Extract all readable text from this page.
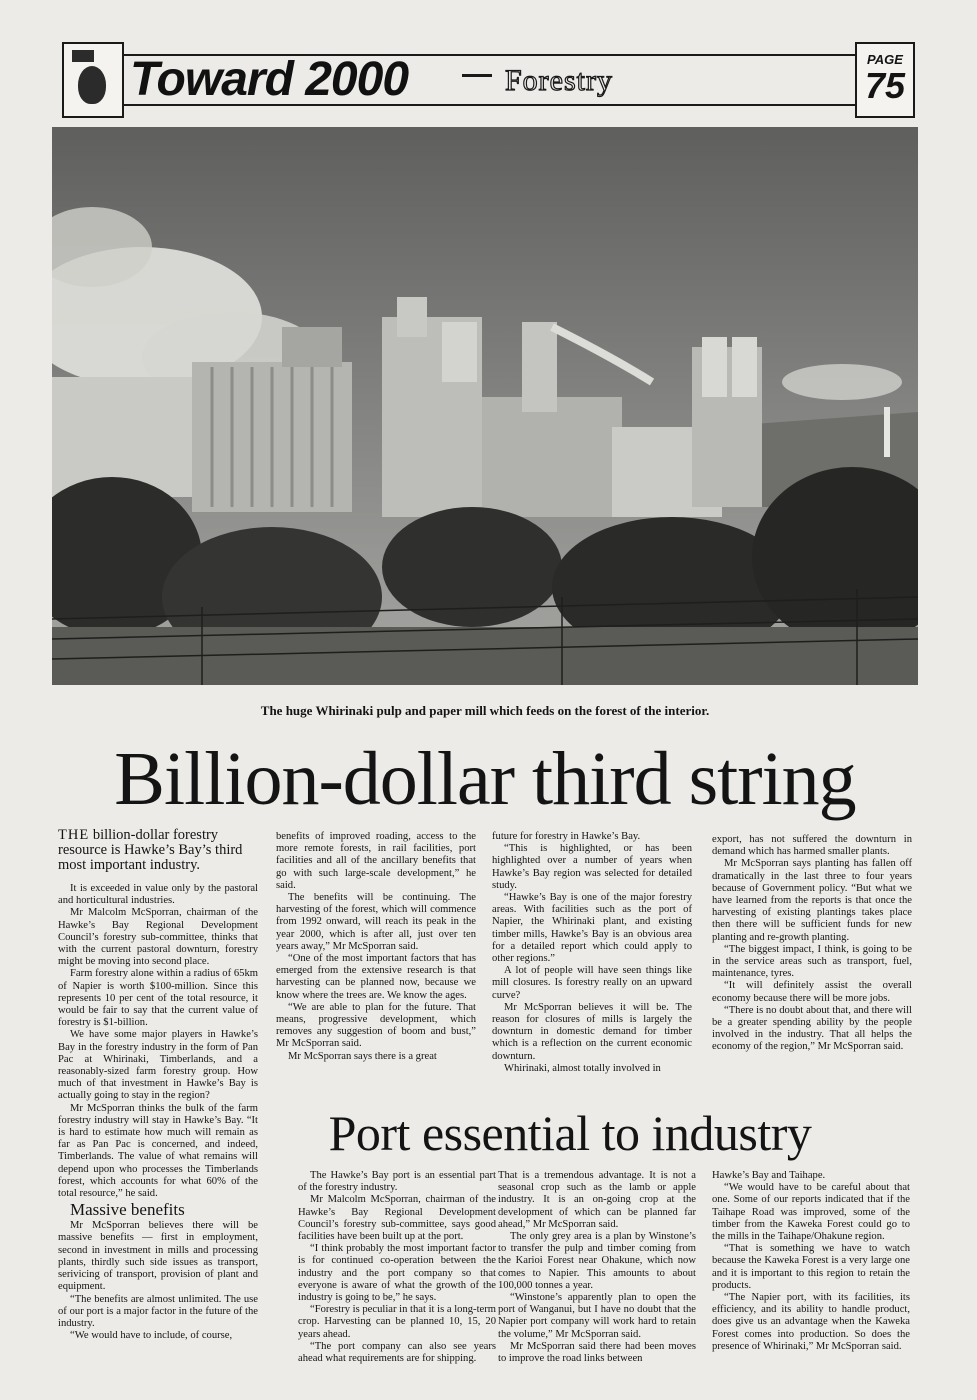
Toward 2000	Forestry
PAGE
75
The huge Whirinaki pulp and paper mill which feeds on the forest of the interior.
Billion-dollar third string

THE billion-dollar forestry resource is Hawke’s Bay’s third most important industry.

It is exceeded in value only by the pastoral and horticultural industries.

Mr Malcolm McSporran, chairman of the Hawke’s Bay Regional Development Council’s forestry sub-committee, thinks that with the current pastoral downturn, forestry might be moving into second place.

Farm forestry alone within a radius of 65km of Napier is worth $100-million. Since this represents 10 per cent of the total resource, it would be fair to say that the current value of forestry is $1-billion.

We have some major players in Hawke’s Bay in the forestry industry in the form of Pan Pac at Whirinaki, Timberlands, and a reasonably-sized farm forestry group. How much of that investment in Hawke’s Bay is actually going to stay in the region?

Mr McSporran thinks the bulk of the farm forestry industry will stay in Hawke’s Bay. “It is hard to estimate how much will remain as far as Pan Pac is concerned, and indeed, Timberlands. The value of what remains will depend upon who processes the Timberlands forest, which accounts for what 60% of the total resource,” he said.

Massive benefits

Mr McSporran believes there will be massive benefits — first in employment, second in investment in mills and processing plants, thirdly such side issues as transport, serivicing of transport, provision of plant and equipment.

“The benefits are almost unlimited. The use of our port is a major factor in the future of the industry.

“We would have to include, of course,

benefits of improved roading, access to the more remote forests, in rail facilities, port facilities and all of the ancillary benefits that go with such large-scale development,” he said.

The benefits will be continuing. The harvesting of the forest, which will commence from 1992 onward, will reach its peak in the year 2000, which is after all, just over ten years away,” Mr McSporran said.

“One of the most important factors that has emerged from the extensive research is that harvesting can be planned now, because we know where the trees are. We know the ages.

“We are able to plan for the future. That means, progressive development, which removes any suggestion of boom and bust,” Mr McSporran said.

Mr McSporran says there is a great

future for forestry in Hawke’s Bay.

“This is highlighted, or has been highlighted over a number of years when Hawke’s Bay region was selected for detailed study.

“Hawke’s Bay is one of the major forestry areas. With facilities such as the port of Napier, the Whirinaki plant, and existing timber mills, Hawke’s Bay is an obvious area for a detailed report which could apply to other regions.”

A lot of people will have seen things like mill closures. Is forestry really on an upward curve?

Mr McSporran believes it will be. The reason for closures of mills is largely the downturn in domestic demand for timber which is a reflection on the current economic downturn.

Whirinaki, almost totally involved in

export, has not suffered the downturn in demand which has harmed smaller plants.

Mr McSporran says planting has fallen off dramatically in the last three to four years because of Government policy. “But what we have learned from the reports is that once the harvesting of existing plantings takes place then there will be sufficient funds for new planting and re-growth planting.

“The biggest impact, I think, is going to be in the service areas such as transport, fuel, maintenance, tyres.

“It will definitely assist the overall economy because there will be more jobs.

“There is no doubt about that, and there will be a greater spending ability by the people involved in the industry. That all helps the economy of the region,” Mr McSporran said.

Port essential to industry

The Hawke’s Bay port is an essential part of the forestry industry.

Mr Malcolm McSporran, chairman of the Hawke’s Bay Regional Development Council’s forestry sub-committee, says good facilities have been built up at the port.

“I think probably the most important factor is for continued co-operation between the industry and the port company so that everyone is aware of what the growth of the industry is going to be,” he says.

“Forestry is peculiar in that it is a long-term crop. Harvesting can be planned 10, 15, 20 years ahead.

“The port company can also see years ahead what requirements are for shipping.

That is a tremendous advantage. It is not a seasonal crop such as the lamb or apple industry. It is an on-going crop at the development of which can be planned far ahead,” Mr McSporran said.

The only grey area is a plan by Winstone’s to transfer the pulp and timber coming from the Karioi Forest near Ohakune, which now comes to Napier. This amounts to about 100,000 tonnes a year.

“Winstone’s apparently plan to open the port of Wanganui, but I have no doubt that the Napier port company will work hard to retain the volume,” Mr McSporran said.

Mr McSporran said there had been moves to improve the road links between

Hawke’s Bay and Taihape.

“We would have to be careful about that one. Some of our reports indicated that if the Taihape Road was improved, some of the timber from the Kaweka Forest could go to the mills in the Taihape/Ohakune region.

“That is something we have to watch because the Kaweka Forest is a very large one and it is important to this region to retain the products.

“The Napier port, with its facilities, its efficiency, and its ability to handle product, does give us an advantage when the Kaweka Forest comes into production. So does the presence of Whirinaki,” Mr McSporran said.
